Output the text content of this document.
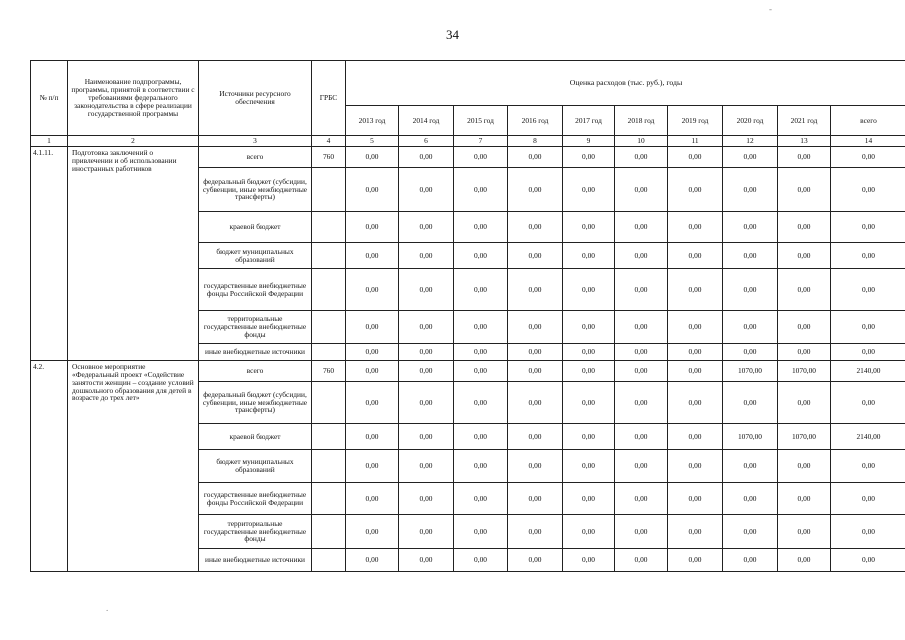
-
34
№ п/п	Наименование подпрограммы, программы, принятой в соответствии с требованиями федерального законодательства в сфере реализации государственной программы	Источники ресурсного обеспечения	ГРБС	Оценка расходов (тыс. руб.), годы									
				2013 год	2014 год	2015 год	2016 год	2017 год	2018 год	2019 год	2020 год	2021 год	всего
1	2	3	4	5	6	7	8	9	10	11	12	13	14
4.1.11.	Подготовка заключений о привлечении и об использовании иностранных работников	всего	760	0,00	0,00	0,00	0,00	0,00	0,00	0,00	0,00	0,00	0,00
		федеральный бюджет (субсидии, субвенции, иные межбюджетные трансферты)		0,00	0,00	0,00	0,00	0,00	0,00	0,00	0,00	0,00	0,00
		краевой бюджет		0,00	0,00	0,00	0,00	0,00	0,00	0,00	0,00	0,00	0,00
		бюджет муниципальных образований		0,00	0,00	0,00	0,00	0,00	0,00	0,00	0,00	0,00	0,00
		государственные внебюджетные фонды Российской Федерации		0,00	0,00	0,00	0,00	0,00	0,00	0,00	0,00	0,00	0,00
		территориальные государственные внебюджетные фонды		0,00	0,00	0,00	0,00	0,00	0,00	0,00	0,00	0,00	0,00
		иные внебюджетные источники		0,00	0,00	0,00	0,00	0,00	0,00	0,00	0,00	0,00	0,00
4.2.	Основное мероприятие «Федеральный проект «Содействие занятости женщин – создание условий дошкольного образования для детей в возрасте до трех лет»	всего	760	0,00	0,00	0,00	0,00	0,00	0,00	0,00	1070,00	1070,00	2140,00
		федеральный бюджет (субсидии, субвенции, иные межбюджетные трансферты)		0,00	0,00	0,00	0,00	0,00	0,00	0,00	0,00	0,00	0,00
		краевой бюджет		0,00	0,00	0,00	0,00	0,00	0,00	0,00	1070,00	1070,00	2140,00
		бюджет муниципальных образований		0,00	0,00	0,00	0,00	0,00	0,00	0,00	0,00	0,00	0,00
		государственные внебюджетные фонды Российской Федерации		0,00	0,00	0,00	0,00	0,00	0,00	0,00	0,00	0,00	0,00
		территориальные государственные внебюджетные фонды		0,00	0,00	0,00	0,00	0,00	0,00	0,00	0,00	0,00	0,00
		иные внебюджетные источники		0,00	0,00	0,00	0,00	0,00	0,00	0,00	0,00	0,00	0,00
.
